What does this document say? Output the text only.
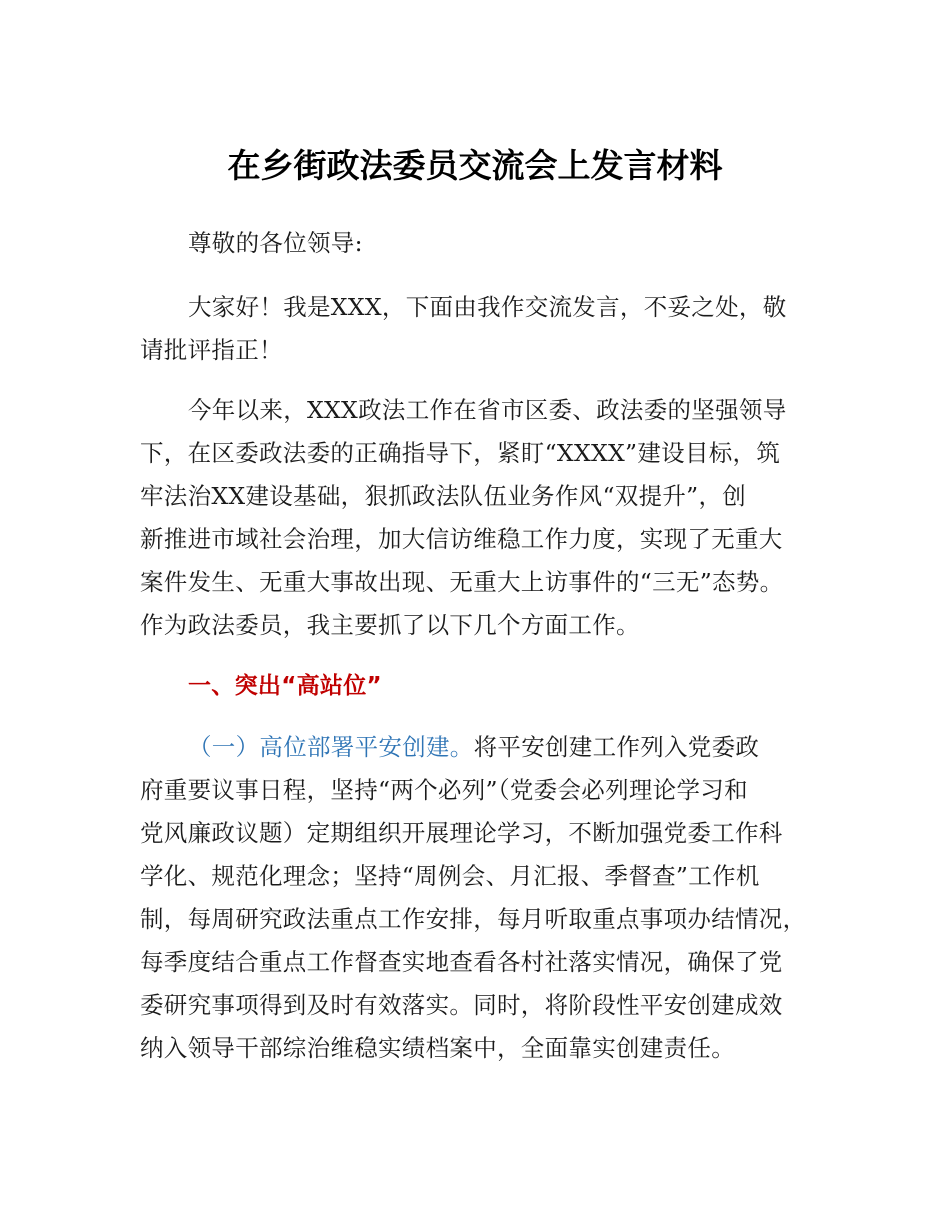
在乡街政法委员交流会上发言材料
尊敬的各位领导:
大家好！我是XXX，下面由我作交流发言，不妥之处，敬
请批评指正！
今年以来，XXX政法工作在省市区委、政法委的坚强领导
下，在区委政法委的正确指导下，紧盯“XXXX”建设目标，筑
牢法治XX建设基础，狠抓政法队伍业务作风“双提升”，创
新推进市域社会治理，加大信访维稳工作力度，实现了无重大
案件发生、无重大事故出现、无重大上访事件的“三无”态势。
作为政法委员，我主要抓了以下几个方面工作。
一、突出“高站位”
（一）高位部署平安创建。将平安创建工作列入党委政
府重要议事日程，坚持“两个必列”（党委会必列理论学习和
党风廉政议题）定期组织开展理论学习，不断加强党委工作科
学化、规范化理念；坚持“周例会、月汇报、季督查”工作机
制，每周研究政法重点工作安排，每月听取重点事项办结情况，
每季度结合重点工作督查实地查看各村社落实情况，确保了党
委研究事项得到及时有效落实。同时，将阶段性平安创建成效
纳入领导干部综治维稳实绩档案中，全面靠实创建责任。
